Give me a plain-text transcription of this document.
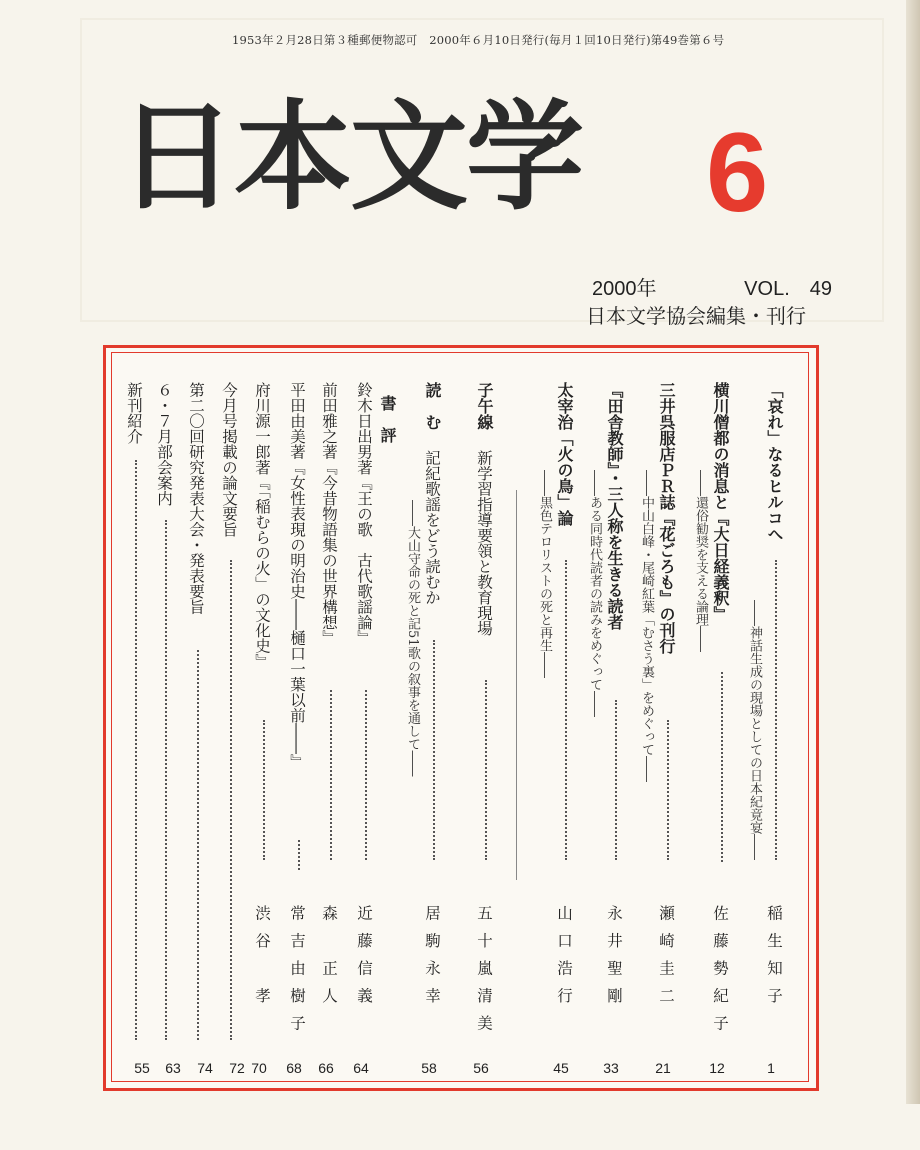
1953年２月28日第３種郵便物認可　2000年６月10日発行(毎月１回10日発行)第49巻第６号
日本文学 6
2000年	VOL.　49
日本文学協会編集・刊行
「哀れ」なるヒルコへ
――神話生成の現場としての日本紀竟宴――
稲生知子
1
横川僧都の消息と『大日経義釈』
――還俗勧奨を支える論理――
佐藤勢紀子
12
三井呉服店ＰＲ誌『花ごろも』の刊行
――中山白峰・尾崎紅葉「むさう裏」をめぐって――
瀬崎圭二
21
『田舎教師』・三人称を生きる読者
――ある同時代読者の読みをめぐって――
永井聖剛
33
太宰治「火の鳥」論
――黒色テロリストの死と再生――
山口浩行
45
子午線
新学習指導要領と教育現場
五十嵐清美
56
読　む
記紀歌謡をどう読むか
――大山守命の死と記51歌の叙事を通して――
居駒永幸
58
書　評
鈴木日出男著『王の歌　古代歌謡論』
近藤信義
64
前田雅之著『今昔物語集の世界構想』
森　正人
66
平田由美著『女性表現の明治史――樋口一葉以前――』
常吉由樹子
68
府川源一郎著『「稲むらの火」の文化史』
渋谷　孝
70
今月号掲載の論文要旨
72
第二〇回研究発表大会・発表要旨
74
６・７月部会案内
63
新刊紹介
55
